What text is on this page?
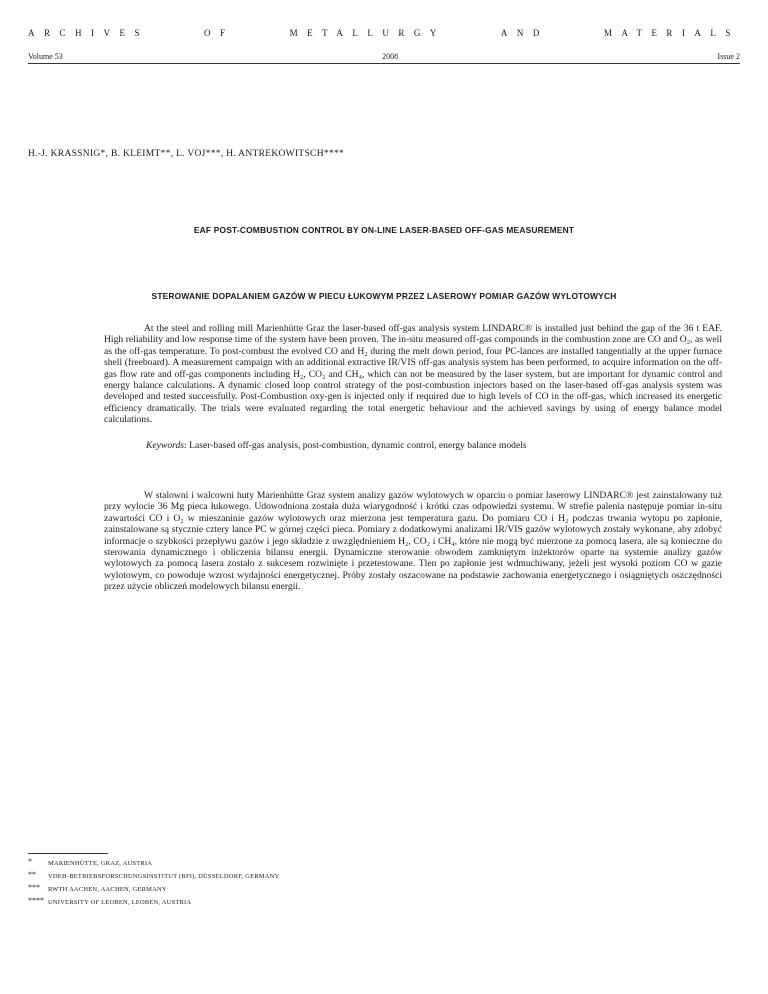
ARCHIVES	OF	METALLURGY	AND	MATERIALS
Volume 53	2008	Issue 2
H.-J. KRASSNIG*, B. KLEIMT**, L. VOJ***, H. ANTREKOWITSCH****
EAF POST-COMBUSTION CONTROL BY ON-LINE LASER-BASED OFF-GAS MEASUREMENT
STEROWANIE DOPALANIEM GAZÓW W PIECU ŁUKOWYM PRZEZ LASEROWY POMIAR GAZÓW WYLOTOWYCH
At the steel and rolling mill Marienhütte Graz the laser-based off-gas analysis system LINDARC® is installed just behind the gap of the 36 t EAF. High reliability and low response time of the system have been proven. The in-situ measured off-gas compounds in the combustion zone are CO and O₂, as well as the off-gas temperature. To post-combust the evolved CO and H₂ during the melt down period, four PC-lances are installed tangentially at the upper furnace shell (freeboard). A measurement campaign with an additional extractive IR/VIS off-gas analysis system has been performed, to acquire information on the off-gas flow rate and off-gas components including H₂, CO₂ and CH₄, which can not be measured by the laser system, but are important for dynamic control and energy balance calculations. A dynamic closed loop control strategy of the post-combustion injectors based on the laser-based off-gas analysis system was developed and tested successfully. Post-Combustion oxy-gen is injected only if required due to high levels of CO in the off-gas, which increased its energetic efficiency dramatically. The trials were evaluated regarding the total energetic behaviour and the achieved savings by using of energy balance model calculations.
Keywords: Laser-based off-gas analysis, post-combustion, dynamic control, energy balance models
W stalowni i walcowni huty Marienhütte Graz system analizy gazów wylotowych w oparciu o pomiar laserowy LINDARC® jest zainstalowany tuż przy wylocie 36 Mg pieca łukowego. Udowodniona została duża wiarygodność i krótki czas odpowiedzi systemu. W strefie palenia następuje pomiar in-situ zawartości CO i O₂ w mieszaninie gazów wylotowych oraz mierzona jest temperatura gazu. Do pomiaru CO i H₂ podczas trwania wytopu po zapłonie, zainstalowane są stycznie cztery lance PC w górnej części pieca. Pomiary z dodatkowymi analizami IR/VIS gazów wylotowych zostały wykonane, aby zdobyć informacje o szybkości przepływu gazów i jego składzie z uwzględnieniem H₂, CO₂ i CH₄, które nie mogą być mierzone za pomocą lasera, ale są konieczne do sterowania dynamicznego i obliczenia bilansu energii. Dynamiczne sterowanie obwodem zamkniętym inżektorów oparte na systemie analizy gazów wylotowych za pomocą lasera zostało z sukcesem rozwinięte i przetestowane. Tlen po zapłonie jest wdmuchiwany, jeżeli jest wysoki poziom CO w gazie wylotowym, co powoduje wzrost wydajności energetycznej. Próby zostały oszacowane na podstawie zachowania energetycznego i osiągniętych oszczędności przez użycie obliczeń modelowych bilansu energii.
*	MARIENHÜTTE, GRAZ, AUSTRIA
**	VDEH-BETRIEBSFORSCHUNGSINSTITUT (BFI), DÜSSELDORF, GERMANY
***	RWTH AACHEN, AACHEN, GERMANY
**** UNIVERSITY OF LEOBEN, LEOBEN, AUSTRIA
